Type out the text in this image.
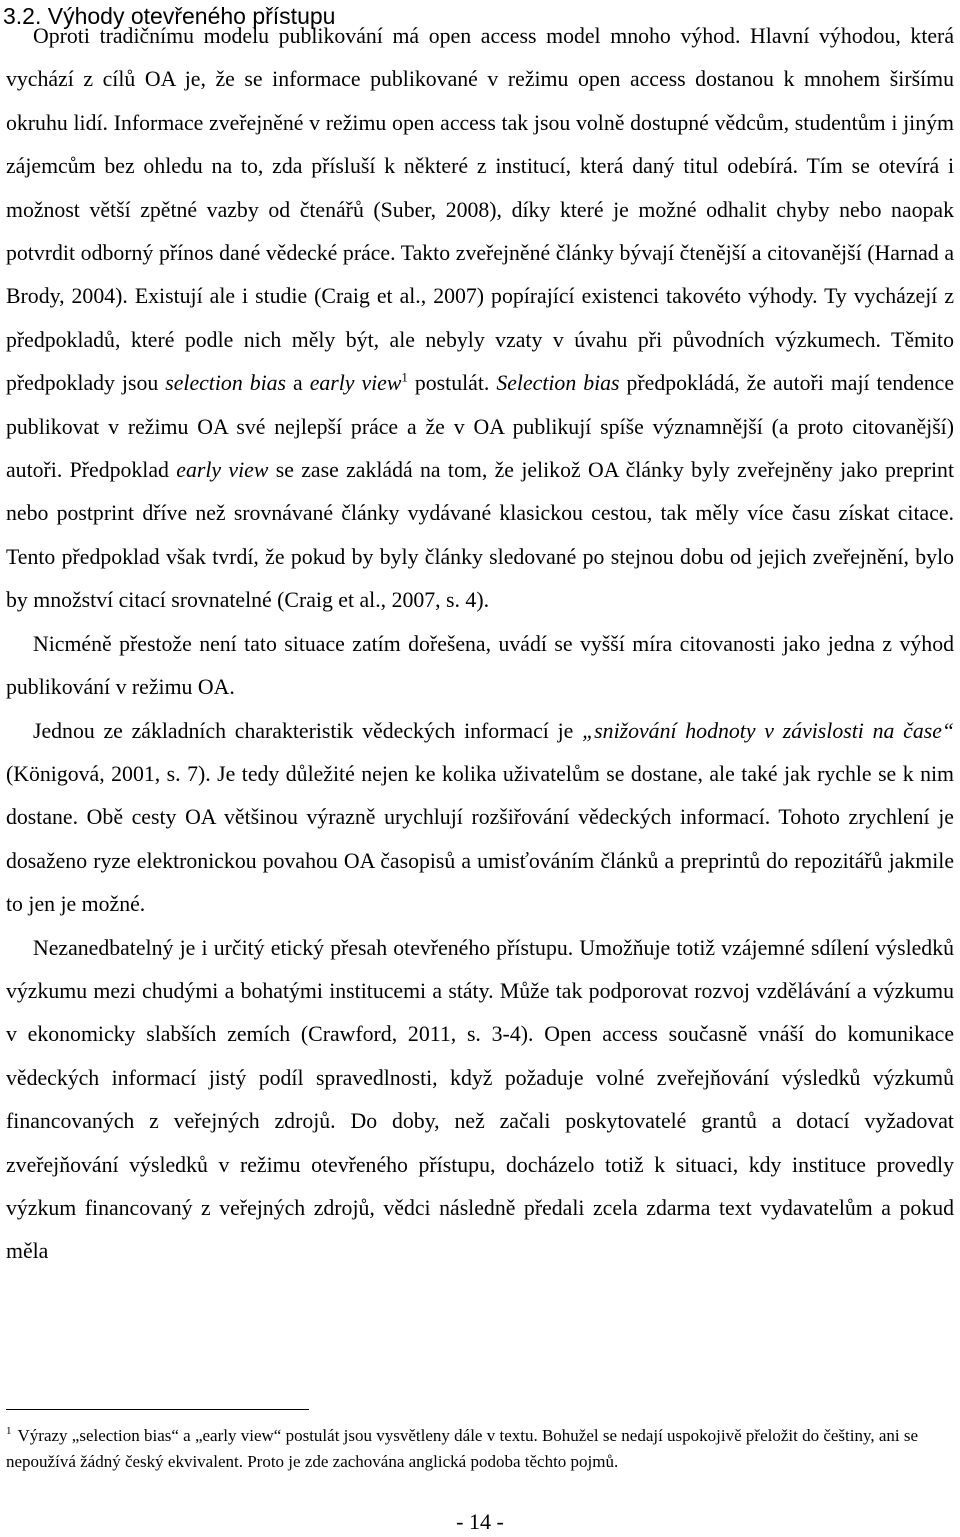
3.2. Výhody otevřeného přístupu

Oproti tradičnímu modelu publikování má open access model mnoho výhod. Hlavní výhodou, která vychází z cílů OA je, že se informace publikované v režimu open access dostanou k mnohem širšímu okruhu lidí. Informace zveřejněné v režimu open access tak jsou volně dostupné vědcům, studentům i jiným zájemcům bez ohledu na to, zda přísluší k některé z institucí, která daný titul odebírá. Tím se otevírá i možnost větší zpětné vazby od čtenářů (Suber, 2008), díky které je možné odhalit chyby nebo naopak potvrdit odborný přínos dané vědecké práce. Takto zveřejněné články bývají čtenější a citovanější (Harnad a Brody, 2004). Existují ale i studie (Craig et al., 2007) popírající existenci takovéto výhody. Ty vycházejí z předpokladů, které podle nich měly být, ale nebyly vzaty v úvahu při původních výzkumech. Těmito předpoklady jsou selection bias a early view$^1$ postulát. Selection bias předpokládá, že autoři mají tendence publikovat v režimu OA své nejlepší práce a že v OA publikují spíše významnější (a proto citovanější) autoři. Předpoklad early view se zase zakládá na tom, že jelikož OA články byly zveřejněny jako preprint nebo postprint dříve než srovnávané články vydávané klasickou cestou, tak měly více času získat citace. Tento předpoklad však tvrdí, že pokud by byly články sledované po stejnou dobu od jejich zveřejnění, bylo by množství citací srovnatelné (Craig et al., 2007, s. 4).

Nicméně přestože není tato situace zatím dořešena, uvádí se vyšší míra citovanosti jako jedna z výhod publikování v režimu OA.

Jednou ze základních charakteristik vědeckých informací je „snižování hodnoty v závislosti na čase“ (Königová, 2001, s. 7). Je tedy důležité nejen ke kolika uživatelům se dostane, ale také jak rychle se k nim dostane. Obě cesty OA většinou výrazně urychlují rozšiřování vědeckých informací. Tohoto zrychlení je dosaženo ryze elektronickou povahou OA časopisů a umisťováním článků a preprintů do repozitářů jakmile to jen je možné.

Nezanedbatelný je i určitý etický přesah otevřeného přístupu. Umožňuje totiž vzájemné sdílení výsledků výzkumu mezi chudými a bohatými institucemi a státy. Může tak podporovat rozvoj vzdělávání a výzkumu v ekonomicky slabších zemích (Crawford, 2011, s. 3-4). Open access současně vnáší do komunikace vědeckých informací jistý podíl spravedlnosti, když požaduje volné zveřejňování výsledků výzkumů financovaných z veřejných zdrojů. Do doby, než začali poskytovatelé grantů a dotací vyžadovat zveřejňování výsledků v režimu otevřeného přístupu, docházelo totiž k situaci, kdy instituce provedly výzkum financovaný z veřejných zdrojů, vědci následně předali zcela zdarma text vydavatelům a pokud měla

$^1$ Výrazy „selection bias“ a „early view“ postulát jsou vysvětleny dále v textu. Bohužel se nedají uspokojivě přeložit do češtiny, ani se nepoužívá žádný český ekvivalent. Proto je zde zachována anglická podoba těchto pojmů.

- 14 -
